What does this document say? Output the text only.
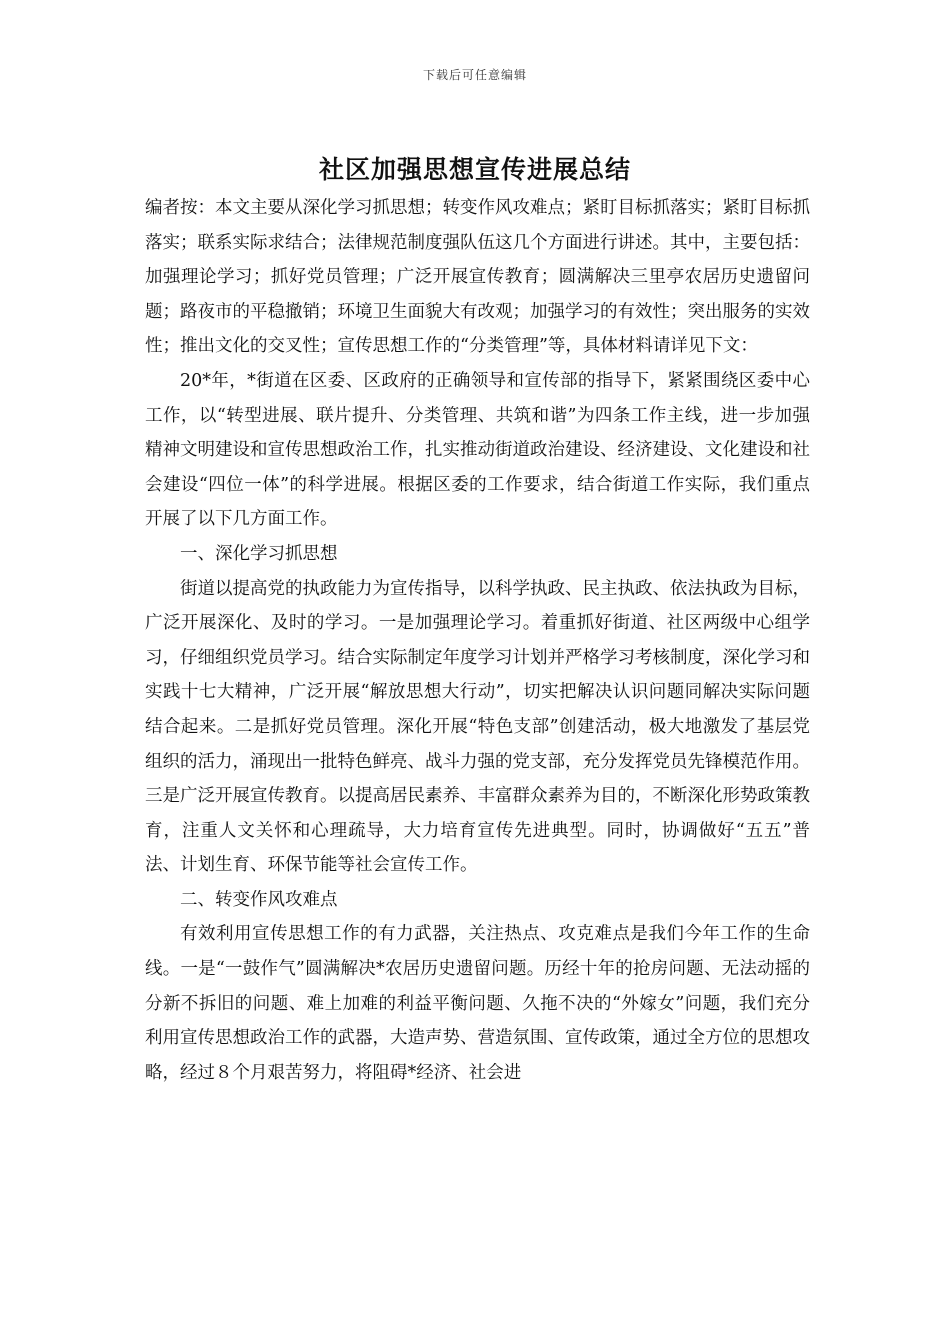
下载后可任意编辑
社区加强思想宣传进展总结

编者按：本文主要从深化学习抓思想；转变作风攻难点；紧盯目标抓落实；紧盯目标抓落实；联系实际求结合；法律规范制度强队伍这几个方面进行讲述。其中，主要包括：加强理论学习；抓好党员管理；广泛开展宣传教育；圆满解决三里亭农居历史遗留问题；路夜市的平稳撤销；环境卫生面貌大有改观；加强学习的有效性；突出服务的实效性；推出文化的交叉性；宣传思想工作的“分类管理”等，具体材料请详见下文：

20*年，*街道在区委、区政府的正确领导和宣传部的指导下，紧紧围绕区委中心工作，以“转型进展、联片提升、分类管理、共筑和谐”为四条工作主线，进一步加强精神文明建设和宣传思想政治工作，扎实推动街道政治建设、经济建设、文化建设和社会建设“四位一体”的科学进展。根据区委的工作要求，结合街道工作实际，我们重点开展了以下几方面工作。

一、深化学习抓思想

街道以提高党的执政能力为宣传指导，以科学执政、民主执政、依法执政为目标，广泛开展深化、及时的学习。一是加强理论学习。着重抓好街道、社区两级中心组学习，仔细组织党员学习。结合实际制定年度学习计划并严格学习考核制度，深化学习和实践十七大精神，广泛开展“解放思想大行动”，切实把解决认识问题同解决实际问题结合起来。二是抓好党员管理。深化开展“特色支部”创建活动，极大地激发了基层党组织的活力，涌现出一批特色鲜亮、战斗力强的党支部，充分发挥党员先锋模范作用。三是广泛开展宣传教育。以提高居民素养、丰富群众素养为目的，不断深化形势政策教育，注重人文关怀和心理疏导，大力培育宣传先进典型。同时，协调做好“五五”普法、计划生育、环保节能等社会宣传工作。

二、转变作风攻难点

有效利用宣传思想工作的有力武器，关注热点、攻克难点是我们今年工作的生命线。一是“一鼓作气”圆满解决*农居历史遗留问题。历经十年的抢房问题、无法动摇的分新不拆旧的问题、难上加难的利益平衡问题、久拖不决的“外嫁女”问题，我们充分利用宣传思想政治工作的武器，大造声势、营造氛围、宣传政策，通过全方位的思想攻略，经过８个月艰苦努力，将阻碍*经济、社会进
